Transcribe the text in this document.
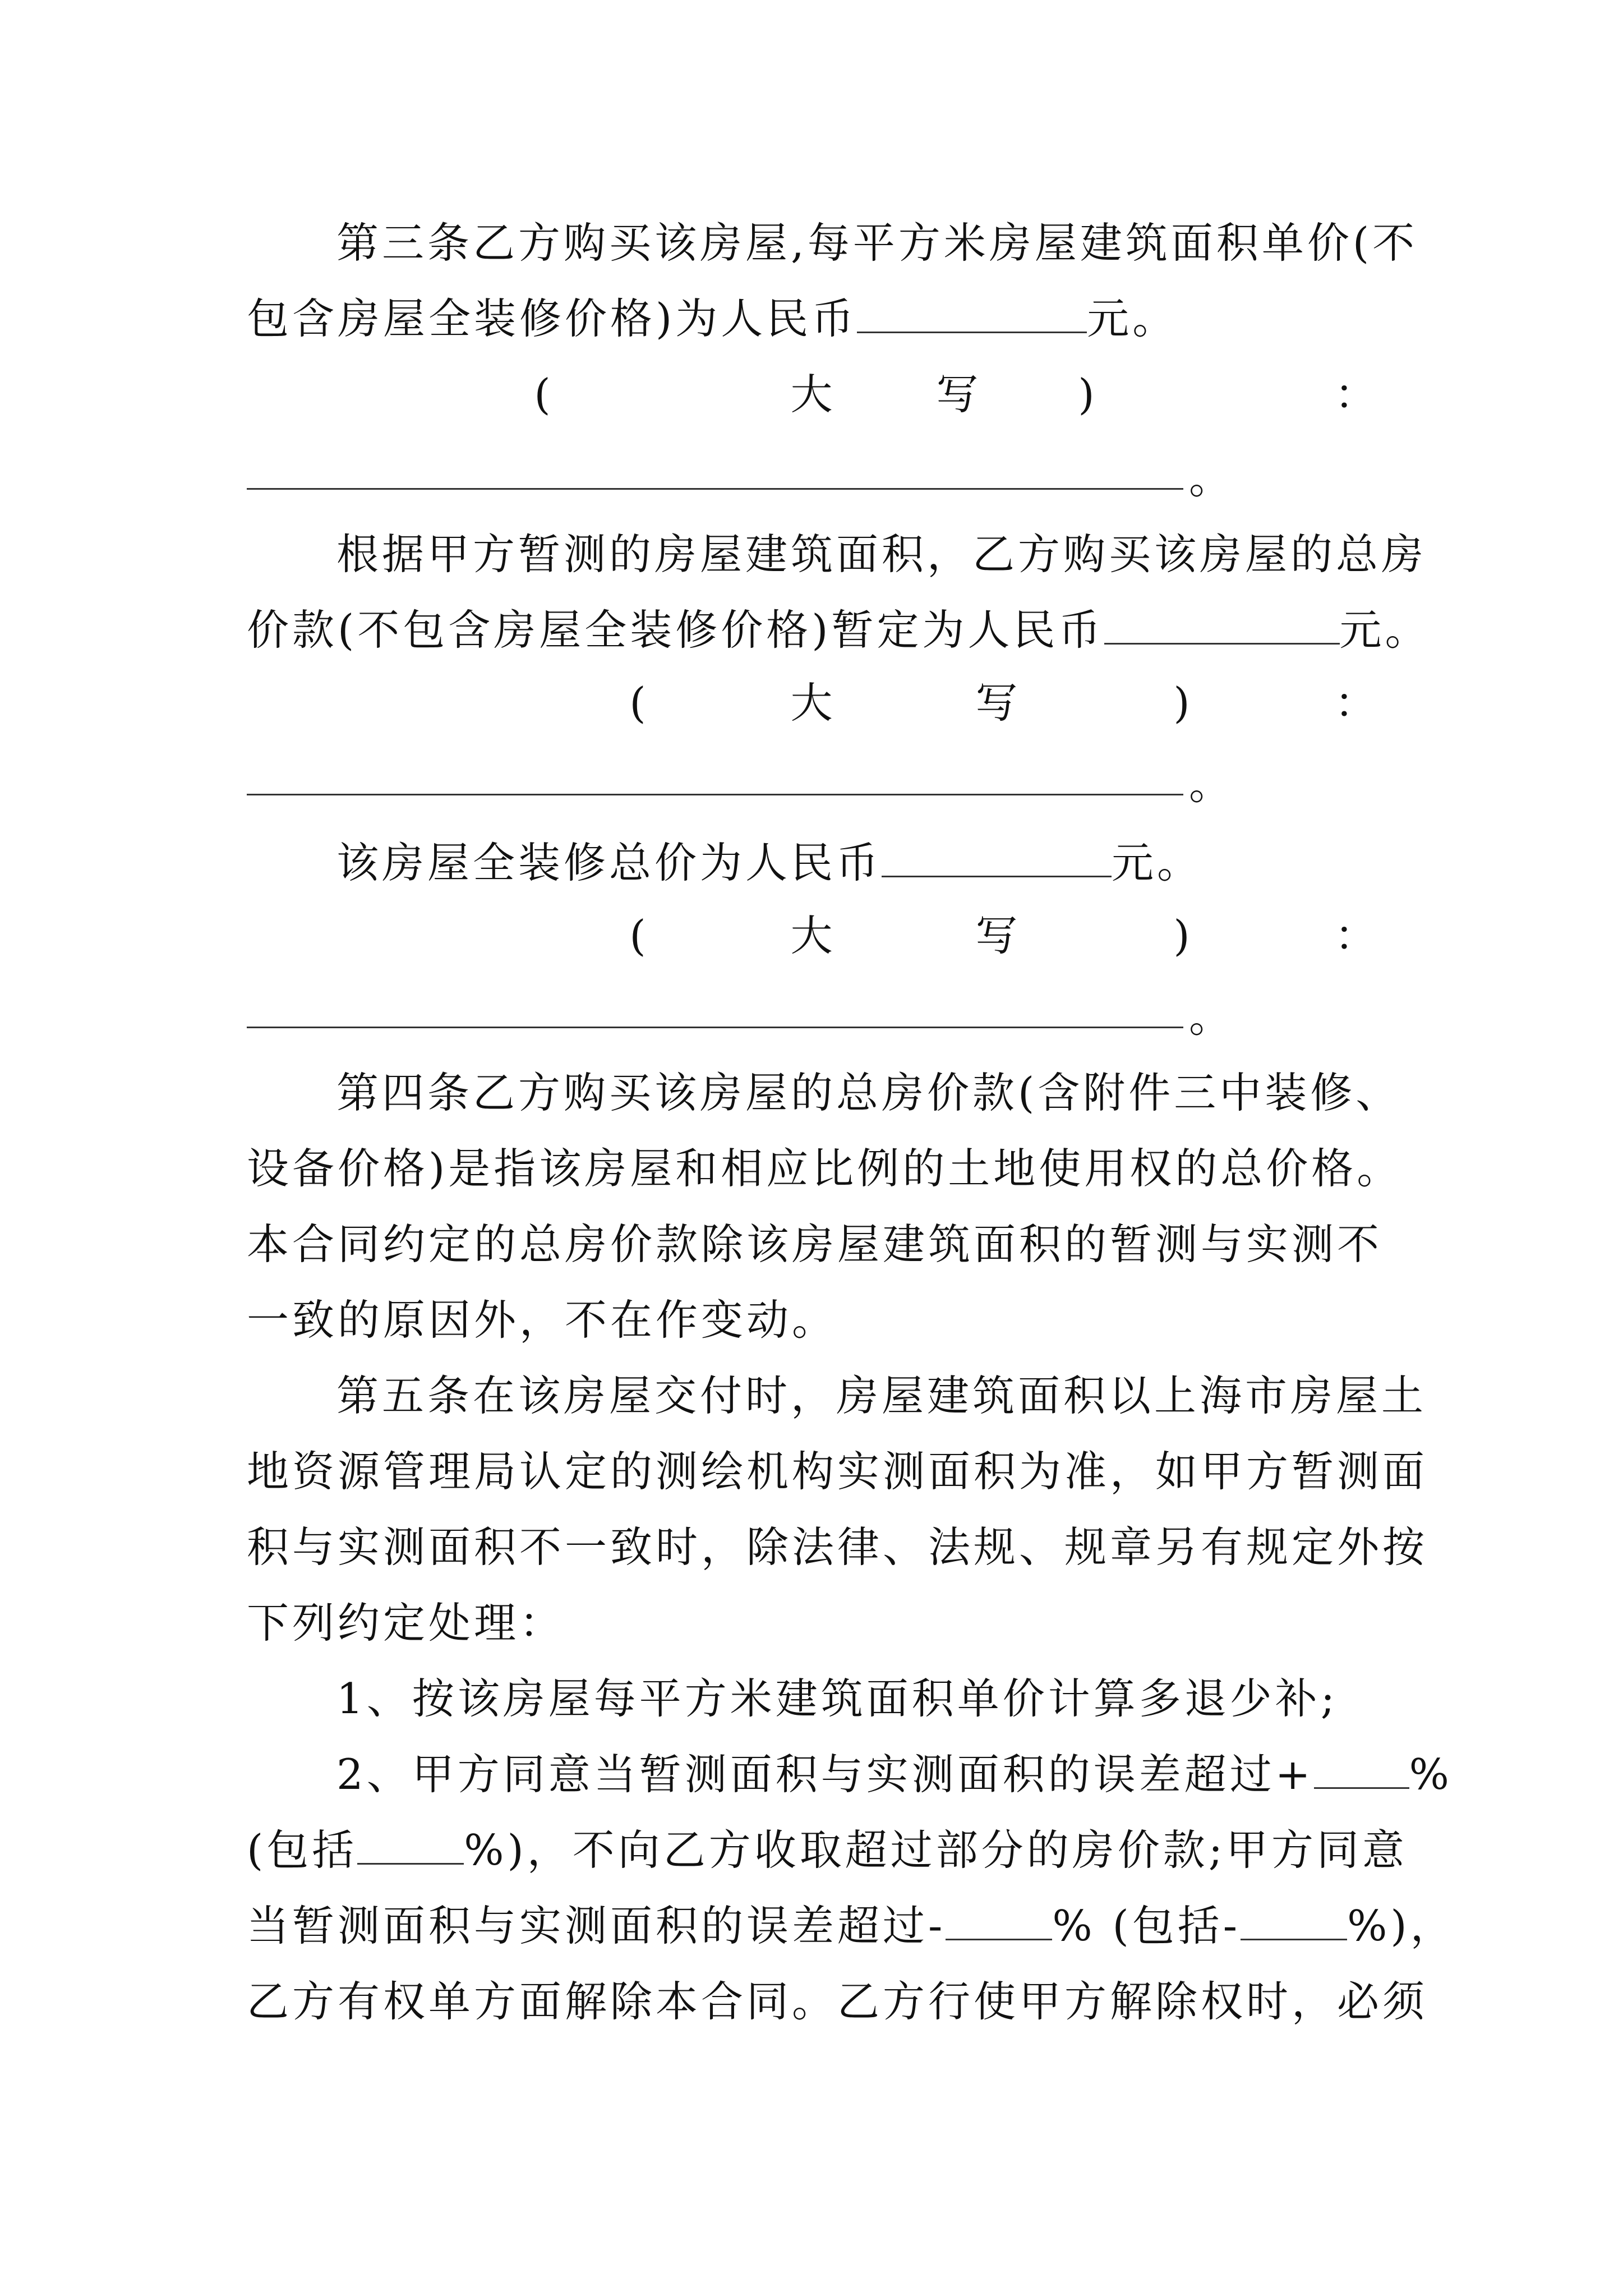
第三条乙方购买该房屋,每平方米房屋建筑面积单价(不
包含房屋全装修价格)为人民币	元。
(	大 写	)	：
。
根据甲方暂测的房屋建筑面积，乙方购买该房屋的总房
价款(不包含房屋全装修价格)暂定为人民币	元。
(	大	写	)	：
。
该房屋全装修总价为人民币	元。
(	大	写	)	：
。
第四条乙方购买该房屋的总房价款(含附件三中装修、
设备价格)是指该房屋和相应比例的土地使用权的总价格。
本合同约定的总房价款除该房屋建筑面积的暂测与实测不
一致的原因外，不在作变动。
第五条在该房屋交付时，房屋建筑面积以上海市房屋土
地资源管理局认定的测绘机构实测面积为准，如甲方暂测面
积与实测面积不一致时，除法律、法规、规章另有规定外按
下列约定处理：
1、按该房屋每平方米建筑面积单价计算多退少补;
2、甲方同意当暂测面积与实测面积的误差超过+ %
(包括	%)，不向乙方收取超过部分的房价款;甲方同意
当暂测面积与实测面积的误差超过-	% (包括-	%)，
乙方有权单方面解除本合同。乙方行使甲方解除权时，必须
